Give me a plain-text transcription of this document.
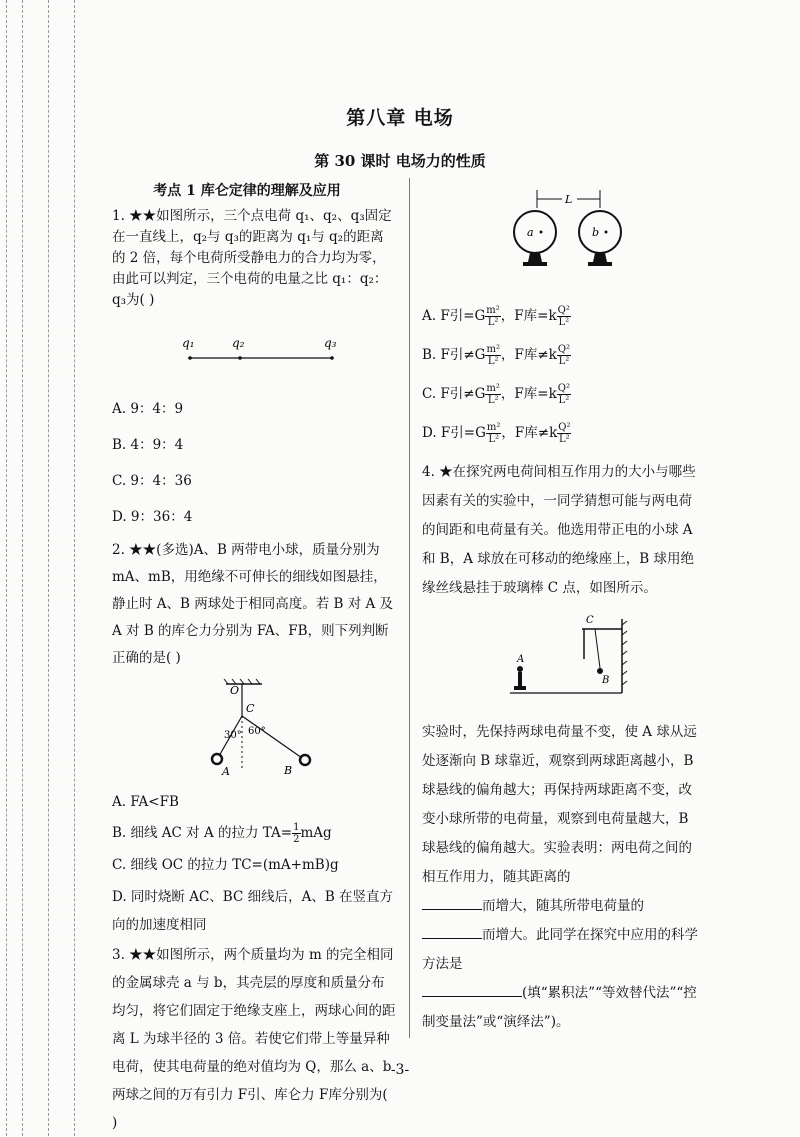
第八章 电场
第 30 课时 电场力的性质
考点 1 库仑定律的理解及应用

1. ★★如图所示，三个点电荷 q₁、q₂、q₃固定在一直线上，q₂与 q₃的距离为 q₁与 q₂的距离的 2 倍，每个电荷所受静电力的合力均为零，由此可以判定，三个电荷的电量之比 q₁：q₂：q₃为( )

q₁	q₂	q₃

A. 9：4：9

B. 4：9：4

C. 9：4：36

D. 9：36：4

2. ★★(多选)A、B 两带电小球，质量分别为 mA、mB，用绝缘不可伸长的细线如图悬挂，静止时 A、B 两球处于相同高度。若 B 对 A 及 A 对 B 的库仑力分别为 FA、FB，则下列判断正确的是( )

O
C
30° 60°
A	B

A. FA<FB

B. 细线 AC 对 A 的拉力 $TA= \frac{1}{2}$ mAg

C. 细线 OC 的拉力 TC=(mA+mB)g

D. 同时烧断 AC、BC 细线后，A、B 在竖直方向的加速度相同

3. ★★如图所示，两个质量均为 m 的完全相同的金属球壳 a 与 b，其壳层的厚度和质量分布均匀，将它们固定于绝缘支座上，两球心间的距离 L 为球半径的 3 倍。若使它们带上等量异种电荷，使其电荷量的绝对值均为 Q，那么 a、b 两球之间的万有引力 F引、库仑力 F库分别为( )

L
a	b

A. F引$=G \frac{\text{m²}}{\text{L²}}$ ，F库$=k \frac{\text{Q²}}{\text{L²}}$

B. F引$\ne G \frac{\text{m²}}{\text{L²}}$ ，F库$\ne k \frac{\text{Q²}}{\text{L²}}$

C. F引$\ne G \frac{\text{m²}}{\text{L²}}$ ，F库$=k \frac{\text{Q²}}{\text{L²}}$

D. F引$=G \frac{\text{m²}}{\text{L²}}$ ，F库$\ne k \frac{\text{Q²}}{\text{L²}}$

4. ★在探究两电荷间相互作用力的大小与哪些因素有关的实验中，一同学猜想可能与两电荷的间距和电荷量有关。他选用带正电的小球 A 和 B，A 球放在可移动的绝缘座上，B 球用绝缘丝线悬挂于玻璃棒 C 点，如图所示。

C
B
A

实验时，先保持两球电荷量不变，使 A 球从远处逐渐向 B 球靠近，观察到两球距离越小，B 球悬线的偏角越大；再保持两球距离不变，改变小球所带的电荷量，观察到电荷量越大，B 球悬线的偏角越大。实验表明：两电荷之间的相互作用力，随其距离的
而增大，随其所带电荷量的而增大。此同学在探究中应用的科学方法是
(填“累积法”“等效替代法”“控制变量法”或“演绎法”)。

-3-
